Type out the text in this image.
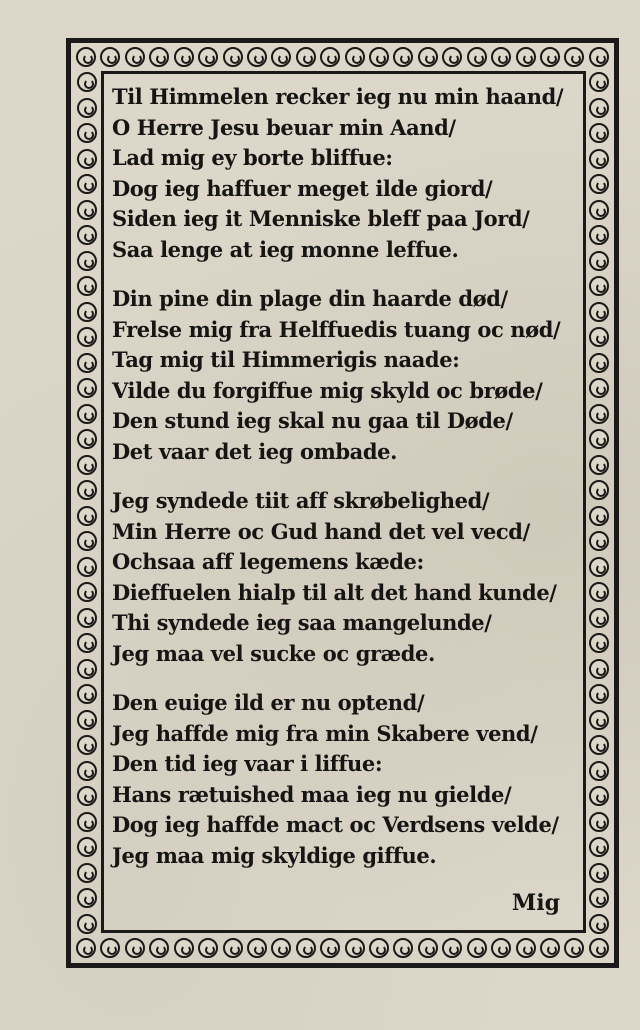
Til Himmelen recker ieg nu min haand/
O Herre Jesu beuar min Aand/
Lad mig ey borte bliffue:
Dog ieg haffuer meget ilde giord/
Siden ieg it Menniske bleff paa Jord/
Saa lenge at ieg monne leffue.
Din pine din plage din haarde død/
Frelse mig fra Helffuedis tuang oc nød/
Tag mig til Himmerigis naade:
Vilde du forgiffue mig skyld oc brøde/
Den stund ieg skal nu gaa til Døde/
Det vaar det ieg ombade.
Jeg syndede tiit aff skrøbelighed/
Min Herre oc Gud hand det vel vecd/
Ochsaa aff legemens kæde:
Dieffuelen hialp til alt det hand kunde/
Thi syndede ieg saa mangelunde/
Jeg maa vel sucke oc græde.
Den euige ild er nu optend/
Jeg haffde mig fra min Skabere vend/
Den tid ieg vaar i liffue:
Hans rætuished maa ieg nu gielde/
Dog ieg haffde mact oc Verdsens velde/
Jeg maa mig skyldige giffue.
Mig
